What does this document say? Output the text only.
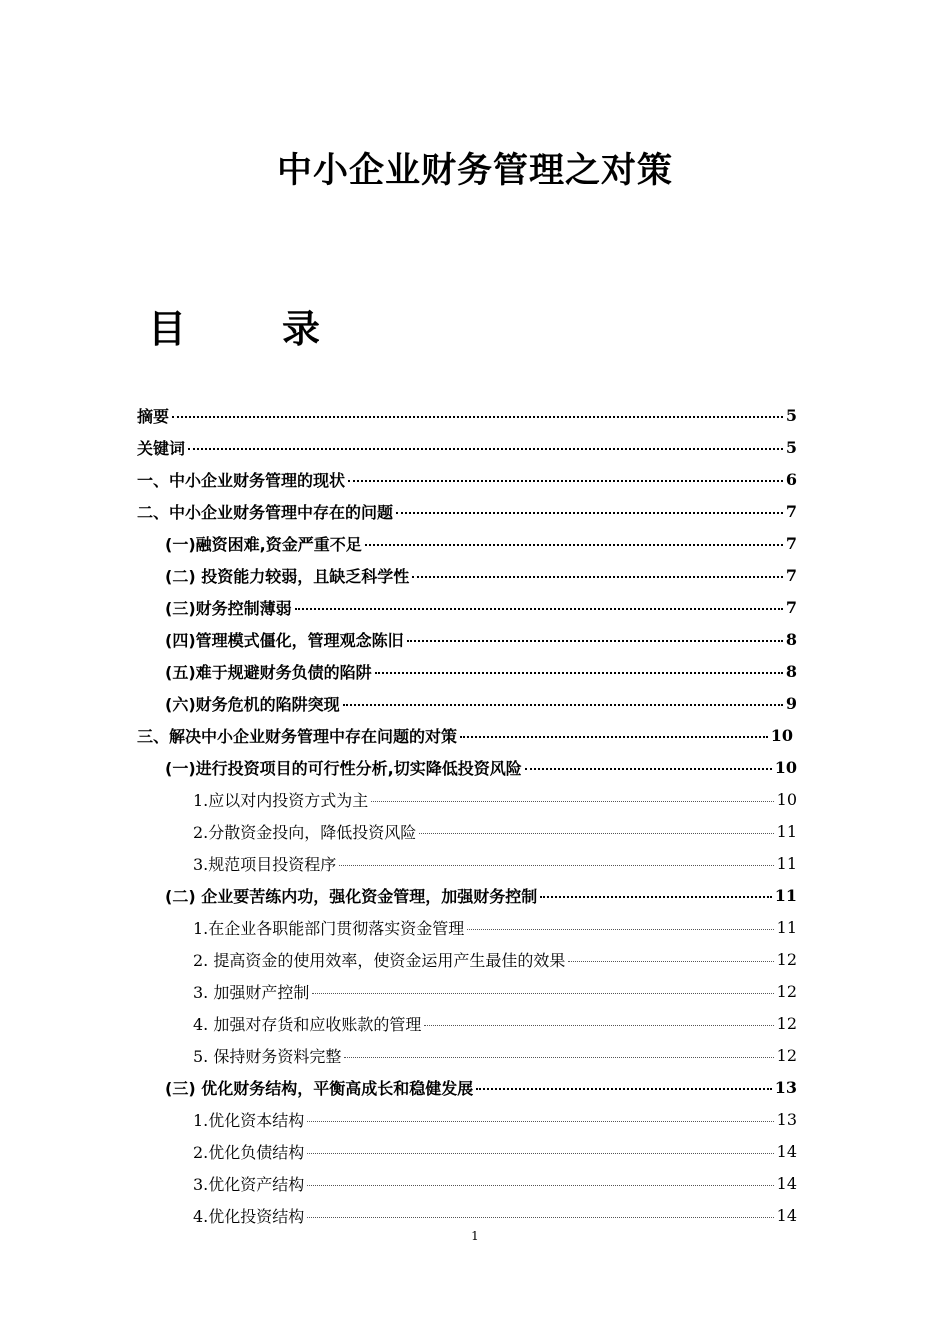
中小企业财务管理之对策
目	录
摘要	5
关键词	5
一、中小企业财务管理的现状	6
二、中小企业财务管理中存在的问题	7
(一)融资困难,资金严重不足	7
(二) 投资能力较弱，且缺乏科学性	7
(三)财务控制薄弱	7
(四)管理模式僵化，管理观念陈旧	8
(五)难于规避财务负债的陷阱	8
(六)财务危机的陷阱突现	9
三、解决中小企业财务管理中存在问题的对策	10
(一)进行投资项目的可行性分析,切实降低投资风险	10
1.应以对内投资方式为主	10
2.分散资金投向，降低投资风险	11
3.规范项目投资程序	11
(二) 企业要苦练内功，强化资金管理，加强财务控制	11
1.在企业各职能部门贯彻落实资金管理	11
2. 提高资金的使用效率，使资金运用产生最佳的效果	12
3. 加强财产控制	12
4. 加强对存货和应收账款的管理	12
5. 保持财务资料完整	12
(三) 优化财务结构，平衡高成长和稳健发展	13
1.优化资本结构	13
2.优化负债结构	14
3.优化资产结构	14
4.优化投资结构	14
1
